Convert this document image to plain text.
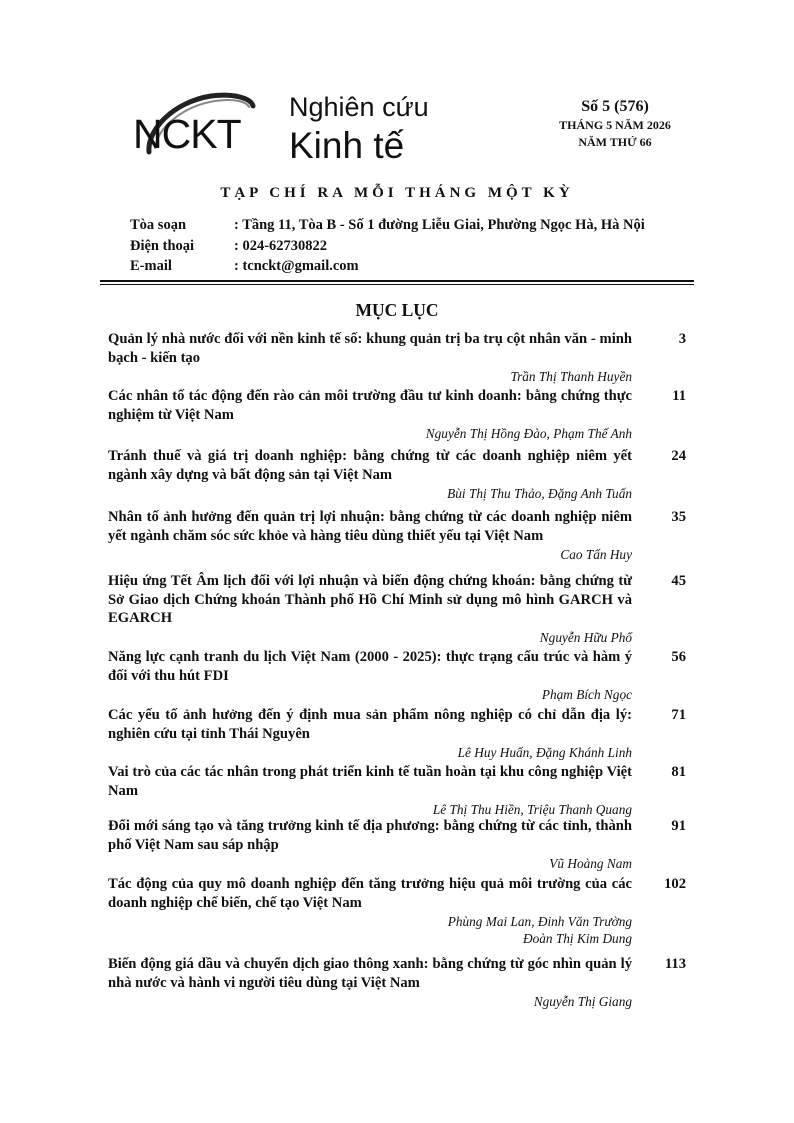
NCKT
Nghiên cứu
Kinh tế
Số 5 (576)
THÁNG 5 NĂM 2026
NĂM THỨ 66
TẠP CHÍ RA MỖI THÁNG MỘT KỲ
Tòa soạn	: Tầng 11, Tòa B - Số 1 đường Liễu Giai, Phường Ngọc Hà, Hà Nội
Điện thoại	: 024-62730822
E-mail	: tcnckt@gmail.com
MỤC LỤC
Quản lý nhà nước đối với nền kinh tế số: khung quản trị ba trụ cột nhân văn - minh bạch - kiến tạo
3
Trần Thị Thanh Huyền
Các nhân tố tác động đến rào cản môi trường đầu tư kinh doanh: bằng chứng thực nghiệm từ Việt Nam
11
Nguyễn Thị Hồng Đào, Phạm Thế Anh
Tránh thuế và giá trị doanh nghiệp: bằng chứng từ các doanh nghiệp niêm yết ngành xây dựng và bất động sản tại Việt Nam
24
Bùi Thị Thu Thảo, Đặng Anh Tuấn
Nhân tố ảnh hưởng đến quản trị lợi nhuận: bằng chứng từ các doanh nghiệp niêm yết ngành chăm sóc sức khỏe và hàng tiêu dùng thiết yếu tại Việt Nam
35
Cao Tấn Huy
Hiệu ứng Tết Âm lịch đối với lợi nhuận và biến động chứng khoán: bằng chứng từ Sở Giao dịch Chứng khoán Thành phố Hồ Chí Minh sử dụng mô hình GARCH và EGARCH
45
Nguyễn Hữu Phổ
Năng lực cạnh tranh du lịch Việt Nam (2000 - 2025): thực trạng cấu trúc và hàm ý đối với thu hút FDI
56
Phạm Bích Ngọc
Các yếu tố ảnh hưởng đến ý định mua sản phẩm nông nghiệp có chỉ dẫn địa lý: nghiên cứu tại tỉnh Thái Nguyên
71
Lê Huy Huấn, Đặng Khánh Linh
Vai trò của các tác nhân trong phát triển kinh tế tuần hoàn tại khu công nghiệp Việt Nam
81
Lê Thị Thu Hiền, Triệu Thanh Quang
Đổi mới sáng tạo và tăng trưởng kinh tế địa phương: bằng chứng từ các tỉnh, thành phố Việt Nam sau sáp nhập
91
Vũ Hoàng Nam
Tác động của quy mô doanh nghiệp đến tăng trưởng hiệu quả môi trường của các doanh nghiệp chế biến, chế tạo Việt Nam
102
Phùng Mai Lan, Đinh Văn Trường
Đoàn Thị Kim Dung
Biến động giá dầu và chuyển dịch giao thông xanh: bằng chứng từ góc nhìn quản lý nhà nước và hành vi người tiêu dùng tại Việt Nam
113
Nguyễn Thị Giang
